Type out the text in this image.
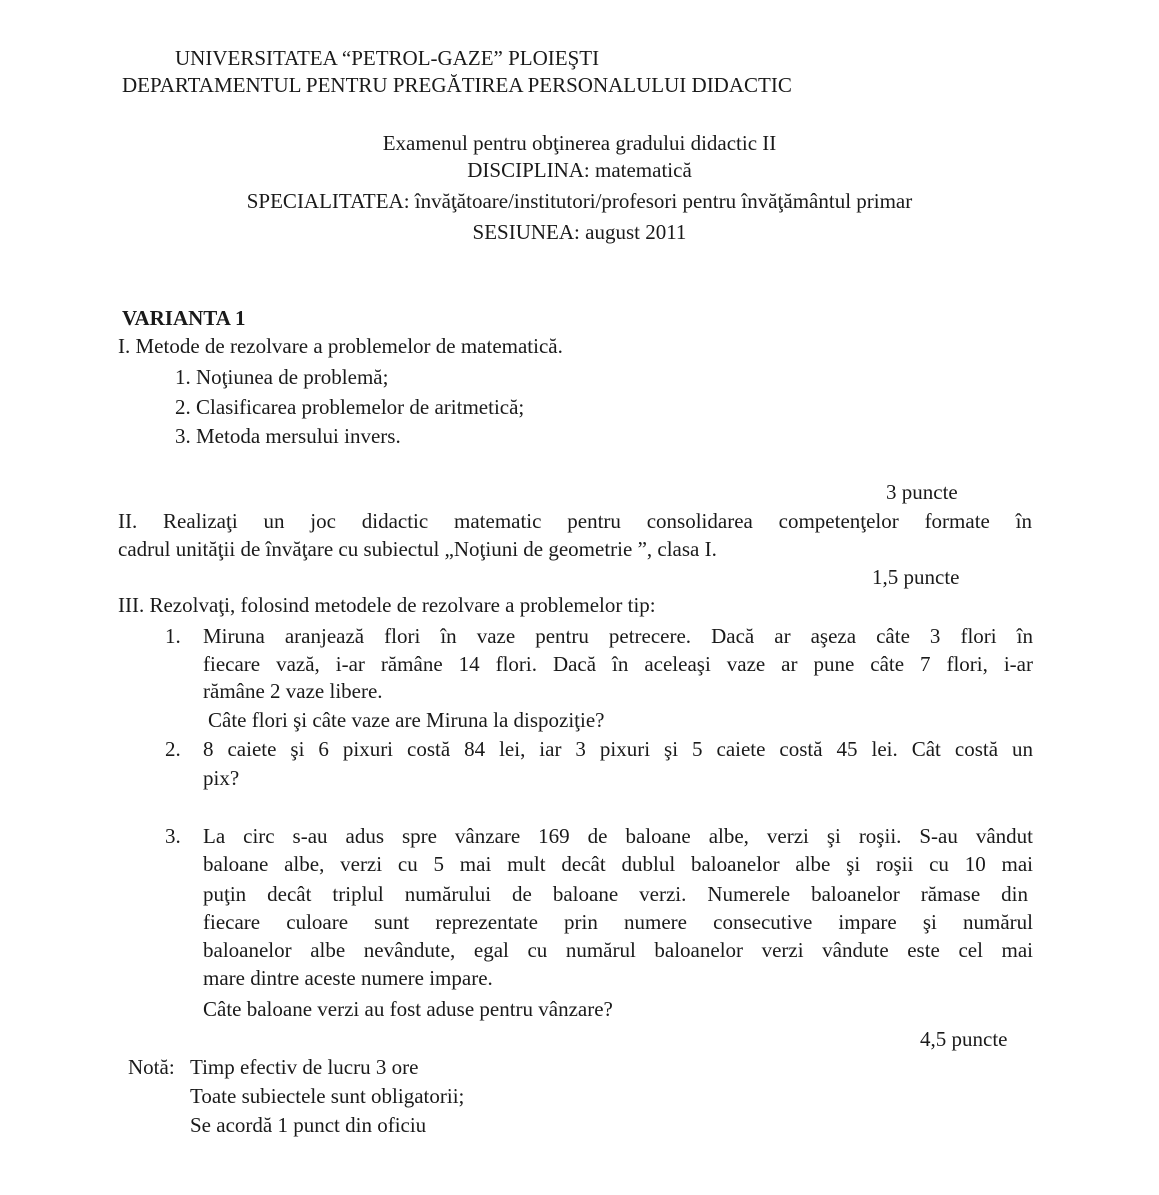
UNIVERSITATEA “PETROL-GAZE” PLOIEŞTI
DEPARTAMENTUL PENTRU PREGĂTIREA PERSONALULUI DIDACTIC
Examenul pentru obţinerea gradului didactic II
DISCIPLINA: matematică
SPECIALITATEA: învăţătoare/institutori/profesori pentru învăţământul primar
SESIUNEA: august 2011
VARIANTA 1
I. Metode de rezolvare a problemelor de matematică.
1. Noţiunea de problemă;
2. Clasificarea problemelor de aritmetică;
3. Metoda mersului invers.
3 puncte
II. Realizaţi un joc didactic matematic pentru consolidarea competenţelor formate în
cadrul unităţii de învăţare cu subiectul „Noţiuni de geometrie ”, clasa I.
1,5 puncte
III. Rezolvaţi, folosind metodele de rezolvare a problemelor tip:
1. Miruna aranjează flori în vaze pentru petrecere. Dacă ar aşeza câte 3 flori în
fiecare vază, i-ar rămâne 14 flori. Dacă în aceleaşi vaze ar pune câte 7 flori, i-ar
rămâne 2 vaze libere.
Câte flori şi câte vaze are Miruna la dispoziţie?
2. 8 caiete şi 6 pixuri costă 84 lei, iar 3 pixuri şi 5 caiete costă 45 lei. Cât costă un
pix?
3. La circ s-au adus spre vânzare 169 de baloane albe, verzi şi roşii. S-au vândut
baloane albe, verzi cu 5 mai mult decât dublul baloanelor albe şi roşii cu 10 mai
puţin decât triplul numărului de baloane verzi. Numerele baloanelor rămase din
fiecare culoare sunt reprezentate prin numere consecutive impare şi numărul
baloanelor albe nevândute, egal cu numărul baloanelor verzi vândute este cel mai
mare dintre aceste numere impare.
Câte baloane verzi au fost aduse pentru vânzare?
4,5 puncte
Notă: Timp efectiv de lucru 3 ore
Toate subiectele sunt obligatorii;
Se acordă 1 punct din oficiu
